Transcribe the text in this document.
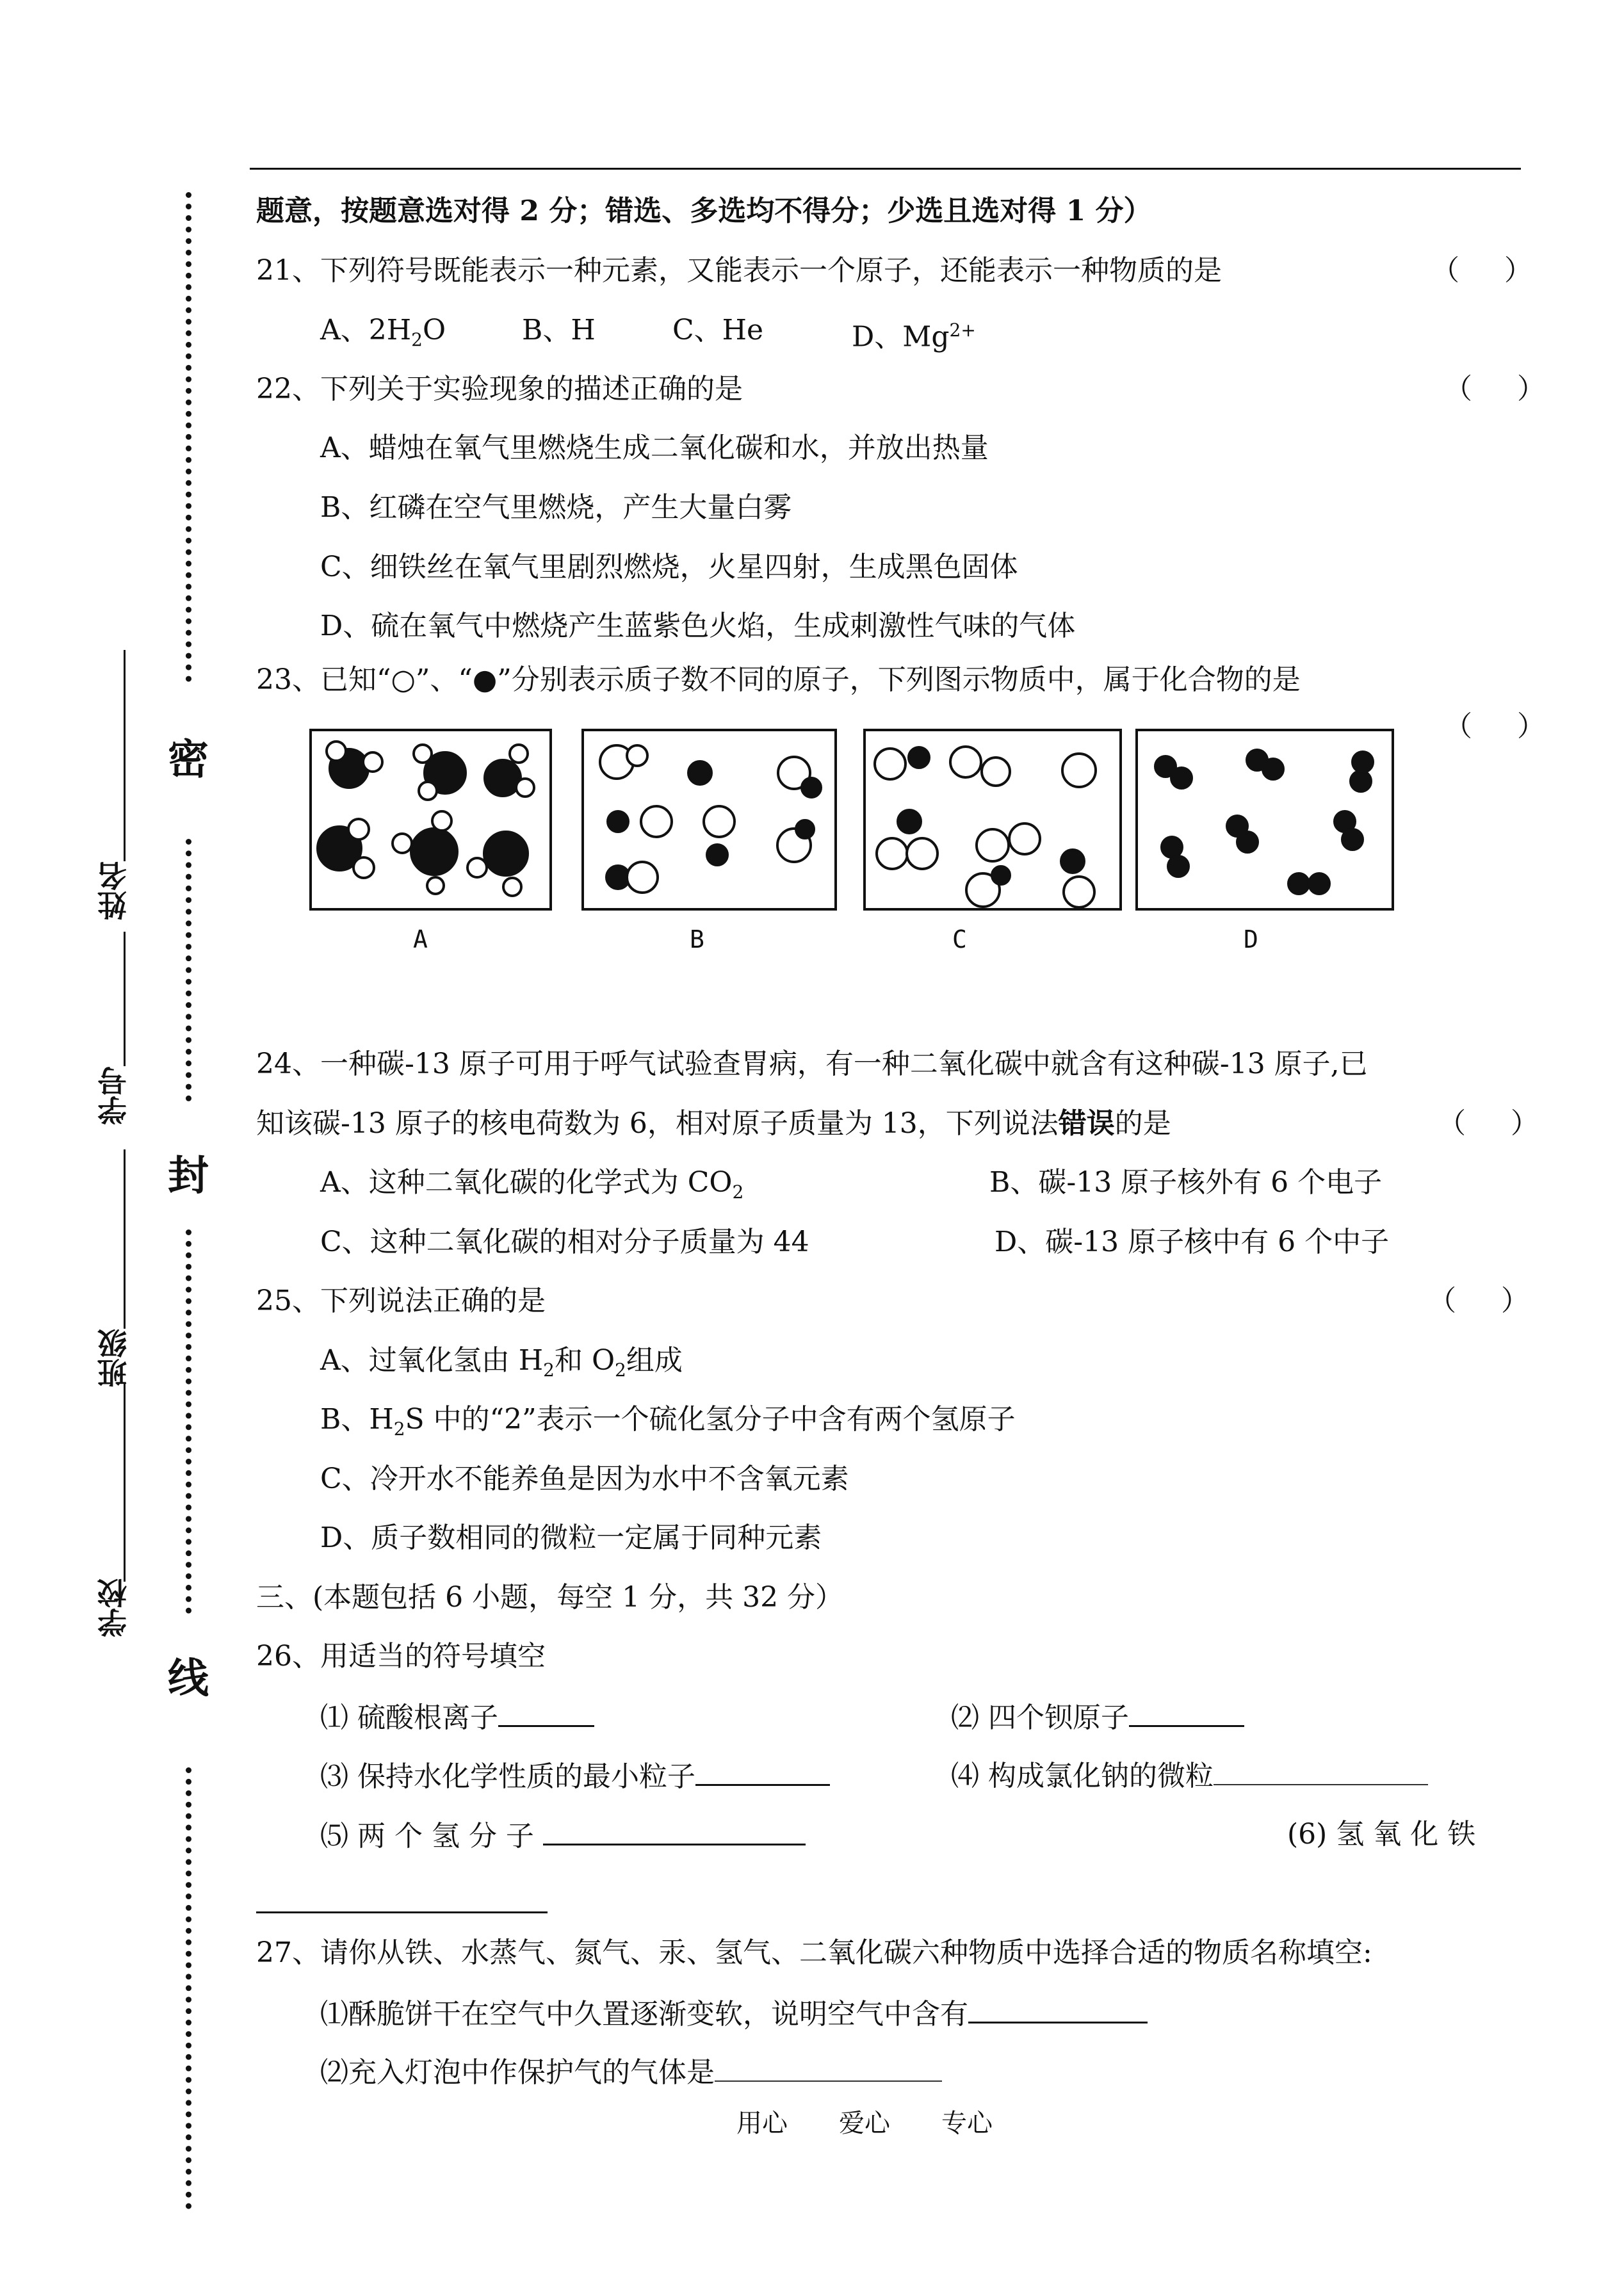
密
封
线
姓名
学号
班级
学校
题意，按题意选对得 2 分；错选、多选均不得分；少选且选对得 1 分）
21、下列符号既能表示一种元素，又能表示一个原子，还能表示一种物质的是	（ ）
A、$2H_2O$	B、H	C、He	D、$Mg^{2+}$
22、下列关于实验现象的描述正确的是	（ ）
A、蜡烛在氧气里燃烧生成二氧化碳和水，并放出热量
B、红磷在空气里燃烧，产生大量白雾
C、细铁丝在氧气里剧烈燃烧，火星四射，生成黑色固体
D、硫在氧气中燃烧产生蓝紫色火焰，生成刺激性气味的气体
23、已知“○”、“●”分别表示质子数不同的原子，下列图示物质中，属于化合物的是
（ ）
A	B	C	D
24、一种碳-13 原子可用于呼气试验查胃病，有一种二氧化碳中就含有这种碳-13 原子,已
知该碳-13 原子的核电荷数为 6，相对原子质量为 13，下列说法错误的是	（ ）
A、这种二氧化碳的化学式为 $CO_2$	B、碳-13 原子核外有 6 个电子
C、这种二氧化碳的相对分子质量为 44	D、碳-13 原子核中有 6 个中子
25、下列说法正确的是	（ ）
A、过氧化氢由 $H_2$和 $O_2$组成
B、$H_2S$ 中的“2”表示一个硫化氢分子中含有两个氢原子
C、冷开水不能养鱼是因为水中不含氧元素
D、质子数相同的微粒一定属于同种元素
三、(本题包括 6 小题，每空 1 分，共 32 分）
26、用适当的符号填空
⑴ 硫酸根离子	⑵ 四个钡原子
⑶ 保持水化学性质的最小粒子	⑷ 构成氯化钠的微粒
⑸ 两 个 氢 分 子	(6) 氢 氧 化 铁
27、请你从铁、水蒸气、氮气、汞、氢气、二氧化碳六种物质中选择合适的物质名称填空:
⑴酥脆饼干在空气中久置逐渐变软，说明空气中含有
⑵充入灯泡中作保护气的气体是
用心　　爱心　　专心
